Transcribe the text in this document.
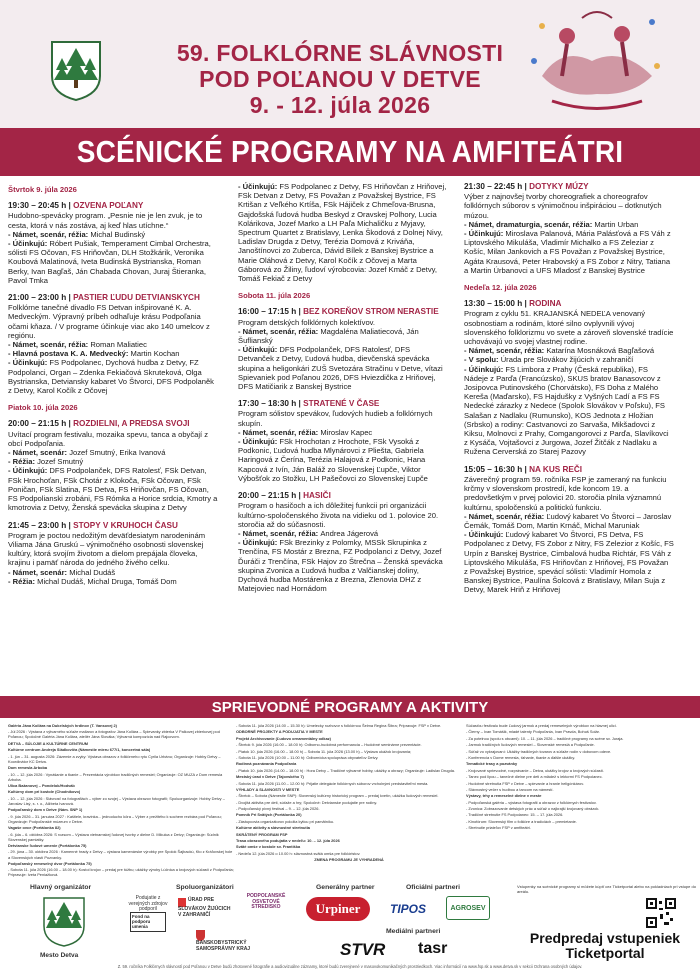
59. FOLKLÓRNE SLÁVNOSTI
POD POĽANOU V DETVE
9. - 12. júla 2026
SCÉNICKÉ PROGRAMY NA AMFITEÁTRI
Štvrtok 9. júla 2026
19:30 – 20:45 h | OZVENA POĽANY
Hudobno-spevácky program. „Pesnie nie je len zvuk, je to cesta, ktorá v nás zostáva, aj keď hlas utíchne.“
- Námet, scenár, réžia: Michal Budinský
- Účinkujú: Róbert Pušiak, Temperament Cimbal Orchestra, sólisti FS Očovan, FS Hriňovčan, DLH Stožkárik, Veronika Koubová Malatinová, Iveta Budinská Bystrianska, Roman Berky, Ivan Bagľaš, Ján Chabada Chovan, Juraj Štieranka, Pavol Tmka
21:00 – 23:00 h | PASTIER ĽUDU DETVIANSKYCH
Folklórne tanečné divadlo FS Detvan inšpirované K. A. Medveckým. Výpravný príbeh odhaľuje krásu Podpoľania očami kňaza. / V programe účinkuje viac ako 140 umelcov z regiónu.
- Námet, scenár, réžia: Roman Maliatiec
- Hlavná postava K. A. Medvecký: Martin Kochan
- Účinkujú: FS Podpolanec, Dychová hudba z Detvy, FZ Podpolanci, Organ – Zdenka Fekiačová Skruteková, Olga Bystrianska, Detviansky kabaret Vo Štvorci, DFS Podpolaněk z Detvy, Karol Kočík z Očovej
Piatok 10. júla 2026
20:00 – 21:15 h | ROZDIELNI, A PREDSA SVOJI
Uvítací program festivalu, mozaika spevu, tanca a obyčají z obcí Podpoľania.
- Námet, scenár: Jozef Smutný, Erika Ivanová
- Réžia: Jozef Smutný
- Účinkujú: DFS Podpolanček, DFS Ratolesť, FSk Detvan, FSk Hrochoťan, FSk Chotár z Klokoča, FSk Očovan, FSk Poničan, FSk Slatina, FS Detva, FS Hriňovčan, FS Očovan, FS Podpolianski zrobáni, FS Rómka a Horice srdcia, Kmotry a kmotrovia z Detvy, Ženská spevácka skupina z Detvy
21:45 – 23:00 h | STOPY V KRUHOCH ČASU
Program je poctou nedožitým deväťdesiatym narodeninám Viliama Jána Gruskú – výnimočného osobnosti slovenskej kultúry, ktorá svojím životom a dielom prepájala človeka, krajinu i pamäť národa do jedného živého celku.
- Námet, scenár: Michal Dudáš
- Réžia: Michal Dudáš, Michal Druga, Tomáš Dom
- Účinkujú: FS Podpolanec z Detvy, FS Hriňovčan z Hriňovej, FSk Detvan z Detvy, FS Považan z Považskej Bystrice, FS Krtišan z Veľkého Krtíša, FSk Hájiček z Chmeľova-Brusna, Gajdošská ľudová hudba Beskyd z Oravskej Polhory, Lucia Kolárikova, Jozef Marko a LH Paľa Michaličku z Myjavy, Spectrum Quartet z Bratislavy, Lenka Škodová z Dolnej Nivy, Ladislav Drugda z Detvy, Terézia Domová z Kriváňa, Janoštínovci zo Zuberca, Dávid Bílek z Banskej Bystrice a Marie Oláhová z Detvy, Karol Kočík z Očovej a Marta Gáborová zo Žiliny, ľudoví výrobcovia: Jozef Kmáč z Detvy, Tomáš Fekiač z Detvy
Sobota 11. júla 2026
16:00 – 17:15 h | BEZ KOREŇOV STROM NERASTIE
Program detských folklórnych kolektívov.
- Námet, scenár, réžia: Magdaléna Maliatiecová, Ján Šuflianský
- Účinkujú: DFS Podpolanček, DFS Ratolesť, DFS Detvanček z Detvy, Ľudová hudba, dievčenská spevácka skupina a heligonkári ZUŠ Svetozára Stračinu v Detve, vítazi Spievaniek pod Poľanou 2026, DFS Hviezdička z Hriňovej, DFS Matičiarik z Banskej Bystrice
17:30 – 18:30 h | STRATENÉ V ČASE
Program sólistov spevákov, ľudových hudieb a folklórnych skupín.
- Námet, scenár, réžia: Miroslav Kapec
- Účinkujú: FSk Hrochotan z Hrochote, FSk Vysoká z Podkonic, Ľudová hudba Mlynárovci z Pliešta, Gabriela Haringová z Čerína, Terézia Halajová z Podkonic, Hana Kapcová z Ivín, Ján Baláž zo Slovenskej Ľupče, Viktor Výbošťok zo Stožku, LH Pašečovci zo Slovenskej Ľupče
20:00 – 21:15 h | HASIČI
Program o hasičoch a ich dôležitej funkcii pri organizácii kultúrno-spoločenského života na vidieku od 1. polovice 20. storočia až do súčasnosti.
- Námet, scenár, réžia: Andrea Jágerová
- Účinkujú: FSk Brezinky z Polomky, MSSk Skrupinka z Trenčína, FS Mostár z Brezna, FZ Podpolanci z Detvy, Jozef Ďuráči z Trenčína, FSk Hajov zo Štrečna – Ženská spevácka skupina Zvonica a Ľudová hudba z Valčianskej doliny, Dychová hudba Mostárenka z Brezna, Zlenovia DHZ z Matejoviec nad Hornádom
21:30 – 22:45 h | DOTYKY MÚZY
Výber z najnovšej tvorby choreografiek a choreografov folklórnych súborov s výnimočnou inšpiráciou – dotknutých múzou.
- Námet, dramaturgia, scenár, réžia: Martin Urban
- Účinkujú: Miroslava Palanová, Mária Palásťová a FS Váh z Liptovského Mikuláša, Vladimír Michalko a FS Zeleziar z Košíc, Milan Jankovich a FS Považan z Považskej Bystrice, Agáta Krausová, Peter Hrabovský a FS Zobor z Nitry, Tatiana a Martin Úrbanovci a UFS Mladosť z Banskej Bystrice
Nedeľa 12. júla 2026
13:30 – 15:00 h | RODINA
Program z cyklu 51. KRAJANSKÁ NEDEĽA venovaný osobnostiam a rodinám, ktoré silno ovplyvnili vývoj slovenského folklorizmu vo svete a zároveň slovenské tradície uchovávajú vo svojej vlastnej rodine.
- Námet, scenár, réžia: Katarína Mosnáková Bagľašová
- V spolu: Úrada pre Slovákov žijúcich v zahraničí
- Účinkujú: FS Limbora z Prahy (Česká republika), FS Nádeje z Parďa (Francúzsko), SKUS bratov Banasovcov z Josipovca Putinovského (Chorvátsko), FS Doha z Malého Kereša (Maďarsko), FS Hajdušky z Vyšných Ľadí a FS FS Nedecké zárazky z Nedece (Spolok Slovákov v Poľsku), FS Salašan z Nadlaku (Rumunsko), KOS Jednota z Hložian (Srbsko) a rodiny: Castvanovci zo Sarvaša, Mikšadovci z Kiksu, Molnovci z Prahy, Comgangorovci z Parďa, Slavíkovci z Kysáča, Vojtašovci z Jurgowa, Jozef Žitčák z Nadlaku a Ružena Cerverská zo Starej Pazovy
15:05 – 16:30 h | NA KUS REČI
Záverečný program 59. ročníka FSP je zameraný na funkciu krčmy v slovenskom prostredí, kde koncom 19. a predovšetkým v prvej polovici 20. storočia plnila významnú kultúrnu, spoločenskú a politickú funkciu.
- Námet, scenár, réžia: Ľudový kabaret Vo Štvorci – Jaroslav Čemák, Tomáš Dom, Martin Krnáč, Michal Maruniak
- Účinkujú: Ľudový kabaret Vo Štvorci, FS Detva, FS Podpolanec z Detvy, FS Zobor z Nitry, FS Zelezior z Košíc, FS Urpín z Banskej Bystrice, Cimbalová hudba Richtár, FS Váh z Liptovského Mikuláša, FS Hriňovčan z Hriňovej, FS Považan z Považskej Bystrice, spevácí sólisti: Vladimír Homola z Banskej Bystrice, Paulína Šolcová z Bratislavy, Milan Suja z Detvy, Marek Hriň z Hriňovej
SPRIEVODNÉ PROGRAMY A AKTIVITY

Galéria Jána Kollára na Dukelských hrdinov (T. Vansovej 2)

- Júl 2026 : Výstava z výtvarného súťaže maliarov a fotografov Jána Kollára – Spievanky zbierka V Palkovej zbierkovej pod Poľanou; Spoločné Galéria Jána Kollára, ateliér Jána Slováka; Výtvarná kompozícia nad Rajcovom.

DETVA – SÚLOJIE A KULTÚRNE CENTRUM

Kultúrne centrum Andreja Sládkoviča (Námestie mieru 677/1, koncertná sála)

- 1. jún – 31. augusta 2026: Zázemie a zvyky: Výstava obrazov z folklórneho rytu Cyrila Urbánu; Organizuje: Hobby Detvy – Koordinátor KC Detva.

Dom remesla Arboba

- 10. – 12. júla 2026 : Vynášanie a tkanie – Prezentácia výrobkov tradičných remesiel; Organizuje: OZ MUZA z Dom remesla Arboba.

Ulica Bažanovej – Pondelok/Hodváb

Kultúrny dom pri kostole (Chodníkovo)

- 10. – 12. júla 2026 : Slávnosť na fotografiách – výber zo svojej – Výstava obrazov fotografií; Spoluorganizuje: Hobby Detvy – Jaroslav Lisý, s. r. o., Alžbeta Ivanová.

Podpoľanský dom v Detve (Nám. SNP 1)

- 9. júla 2026 – 31. januára 2027 : Kaštiele, kravinka... jednoducho kôra – Výber z prežitého k sochem rezbára pod Poľanou; Organizuje: Podpoľanské múzeum v Detve.

Vagaše ovce (Portálonka 82)

- 6. júla – 6. októbra 2026: S rozsom – Výstava vietnamskej ľudovej tvorby z dielne D. Mikulca z Detvy; Organizuje: Súdnik Slovenskej pamiatky.

Detvianske ľudové umenie (Portálonka 75)

- 29. júna – 30. októbra 2026 : Kamenné hrady z Detvy – výstava kamenárske výrobky pre Spolok Šajbackú, Kto z Kráľovskej hole a Slovenských vlastí Pozvanky.

Podpoľanský remeselný dvor (Portálonka 75)

- Sobota 11. júla 2026 (16.00 – 18.00 h): Kostol krojov – predaj pre túžbu; ukážky výroby Lúčnica a krojových súčastí z Podpoľania; Pripravuje: Iveta Peniažková.

- Sobota 11. júla 2026 (14.00 – 15.30 h): Umelecky rozhovor s folklórnou Šelma Regina Šibra; Pripravuje: FSP v Detve.

ODBORNÉ PROJEKTY A PODUJATIA V MESTE

Projekt Archivovanie (Ľudovo ornamentálny odkaz)

- Štvrtok 9. júla 2026 (16.00 – 18.00 h): Odborno-hudobná performancia – Hudobné seminárne prezentácie.

- Piatok 10. júla 2026 (16.00 – 18.00 h) – Sobota 11. júla 2026 (13.00 h) – Výstava ukážok krojovania;

- Sobota 11. júla 2026 (10.00 – 11.00 h): Odbornícka spolupráca obyvateľov Detvy.

Rodinná poznávania Podpoľania

- Piatok 10. júla 2026 (14.00 – 18.00 h) : Hora Detvy – Tradičné výtvarné hobby, ukážky a obrazy; Organizuje: Ladislav Drugda.

Mestský úrad v Detve (Tajovského 7)

- Sobota 11. júla 2026 (11.00 – 12.00 h): Prijatie delegácie folklórnych súborov vrcholnými predstaviteľmi mesta.

VÝHLADY A SLAVNOSTI V MESTE

- Štvrtok – Sobota (Námestie SNP): Slovenský kultúrny historický program – predaj kvetín, ukážka ľudových remesiel.

- Dvojitá aktivita pre deti, súťaže a hry; Spoločné: Detvianske podujatie pre rodiny.

- Podpoľanský pivný festival – 9. – 12. júla 2026.

Pomník Pri Svätých (Portálonka 20)

- Zástupcovia organizátorov položia kyticu pri pamätníku.

Kultúrne aktivity a slávnostné stretnutia

SKRÁTENÝ PROGRAM FSP

Trasa obrazového podujatia v nedeľu: 10. – 12. júla 2026

Sväté omše v kostole sv. Františka

- Nedeľa 12. júla 2026 o 10.00 h: slávnostná svätá omša pre folklóristov.

ZMENA PROGRAMU JE VYHRADENÁ

Súčasťou festivalu bude Ľudový jarmok a predaj remeselných výrobkov na hlavnej ulici.

- Čierny – Ivan Tomášik, mladé talenty Podpoľania, Ivan Pravda, Bohuš Solár.

- Za potelnou (spolu s obcami): 10. – 11. júla 2026 – tradičné programy na scéne sv. Juraja.

- Jarmok tradičných ľudových remesiel – Slovenské remeslá a Podpoľanie.

- Súťaž vo vykrajovaní: Ukážky tradičných tovarov a súťaže rodín v dobovom odeve.

- Konferencia v Dome remesla, ťahanie, tkanie a ďalšie ukážky.

Tematické trasy a pozvánky

- Krojované sprievodné, rozprávanie – Detva, ukážky krojov a krojových súčastí.

- Tanec pod lipou – tanečné dielne pre deti a mládež s lektormi FS Podpolanec.

- Hudobné stretnutia FSP v Detve – spievanie a hranie heligónkárov.

- Slávnostný večer s hudbou a tancom na námestí.

Výstavy, trhy a remeselné dielne v meste

- Podpoľanská galéria – výstava fotografií a obrazov z folklórnych festivalov.

- Zvonica: Zobrazovanie detských prác a súťaž o najkrajší krojovaný obrázok.

- Tradičné stretnutie FS Podpolanec: 15. – 17. júla 2026.

- Kinofórum: Slovenský film o folklóre a tradíciách – premietanie.

- Stretnutie priateľov FSP v amfiteátri.

Hlavný organizátor
Mesto Detva
Spoluorganizátori
Podujatie z verejných zdrojov podporil
Fond na podporu umenia
ÚRAD PRE SLOVÁKOV ŽIJÚCICH V ZAHRANIČÍ
PODPOĽANSKÉ OSVETOVÉ STREDISKO
BANSKOBYSTRICKÝ SAMOSPRÁVNY KRAJ
Generálny partner
Urpiner
Oficiálni partneri
TIPOS	AGROSEV
Mediálni partneri
STVR tasr
Vstupenky na scénické programy si môžete kúpiť cez Ticketportal alebo na pokladniach pri vstupe do areálu.
Predpredaj vstupeniek
Ticketportal
Z. 59. ročníka Folklórnych slávností pod Poľanou v Detve budú zhotovené fotografie a audiovizuálne záznamy, ktoré budú zverejnené v masovokomunikačných prostriedkoch. Viac informácií na www.fsp.sk a www.detva.sk v sekcii Ochrana osobných údajov.
